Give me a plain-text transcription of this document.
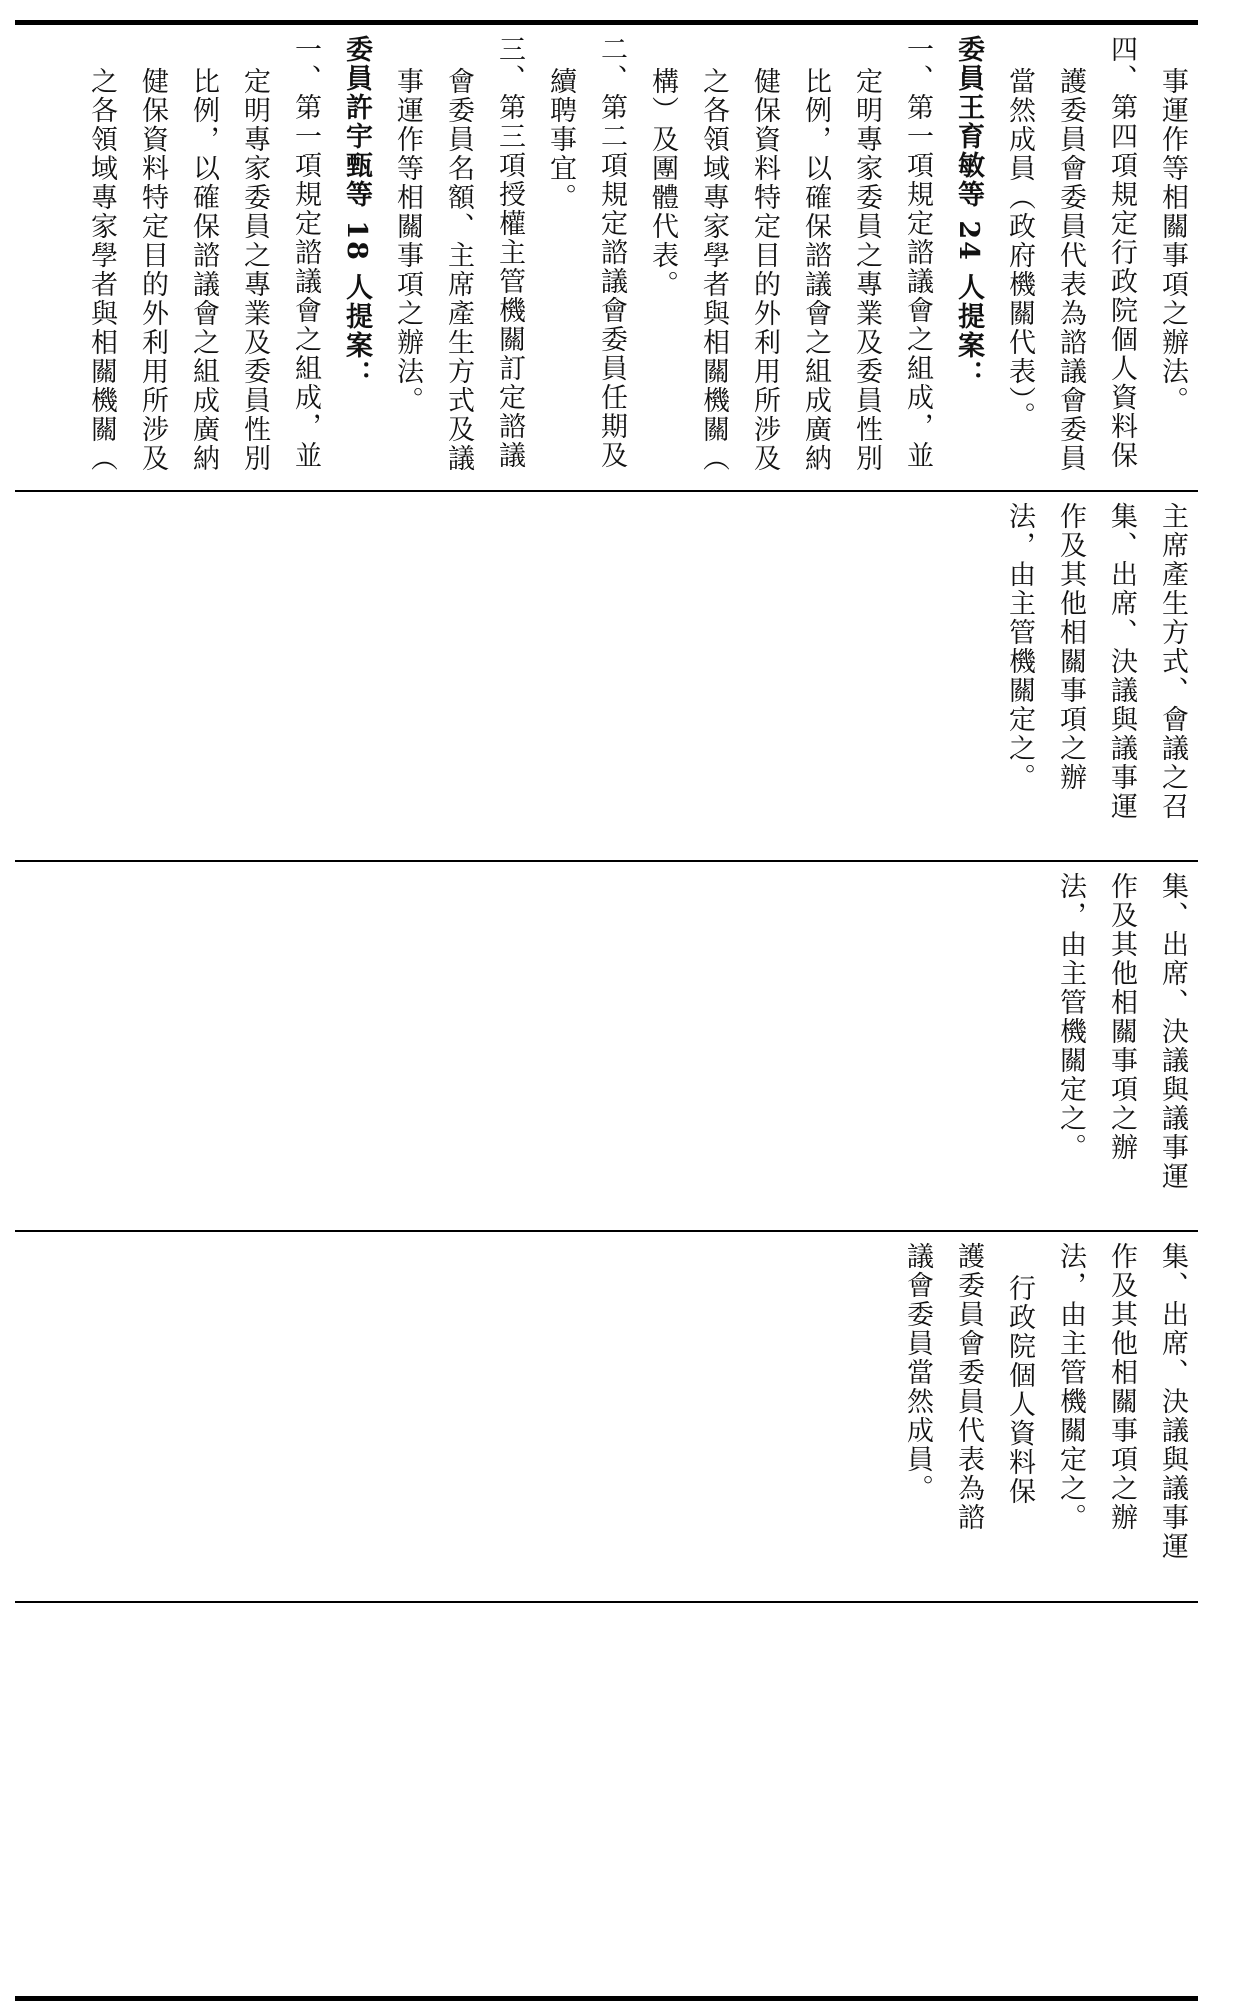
事運作等相關事項之辦法。
四、第四項規定行政院個人資料保
護委員會委員代表為諮議會委員
當然成員（政府機關代表）。
委員王育敏等 24 人提案：
一、第一項規定諮議會之組成，並
定明專家委員之專業及委員性別
比例，以確保諮議會之組成廣納
健保資料特定目的外利用所涉及
之各領域專家學者與相關機關（
構）及團體代表。
二、第二項規定諮議會委員任期及
續聘事宜。
三、第三項授權主管機關訂定諮議
會委員名額、主席產生方式及議
事運作等相關事項之辦法。
委員許宇甄等 18 人提案：
一、第一項規定諮議會之組成，並
定明專家委員之專業及委員性別
比例，以確保諮議會之組成廣納
健保資料特定目的外利用所涉及
之各領域專家學者與相關機關（
主席產生方式、會議之召
集、出席、決議與議事運
作及其他相關事項之辦
法，由主管機關定之。
集、出席、決議與議事運
作及其他相關事項之辦
法，由主管機關定之。
集、出席、決議與議事運
作及其他相關事項之辦
法，由主管機關定之。
行政院個人資料保
護委員會委員代表為諮
議會委員當然成員。
